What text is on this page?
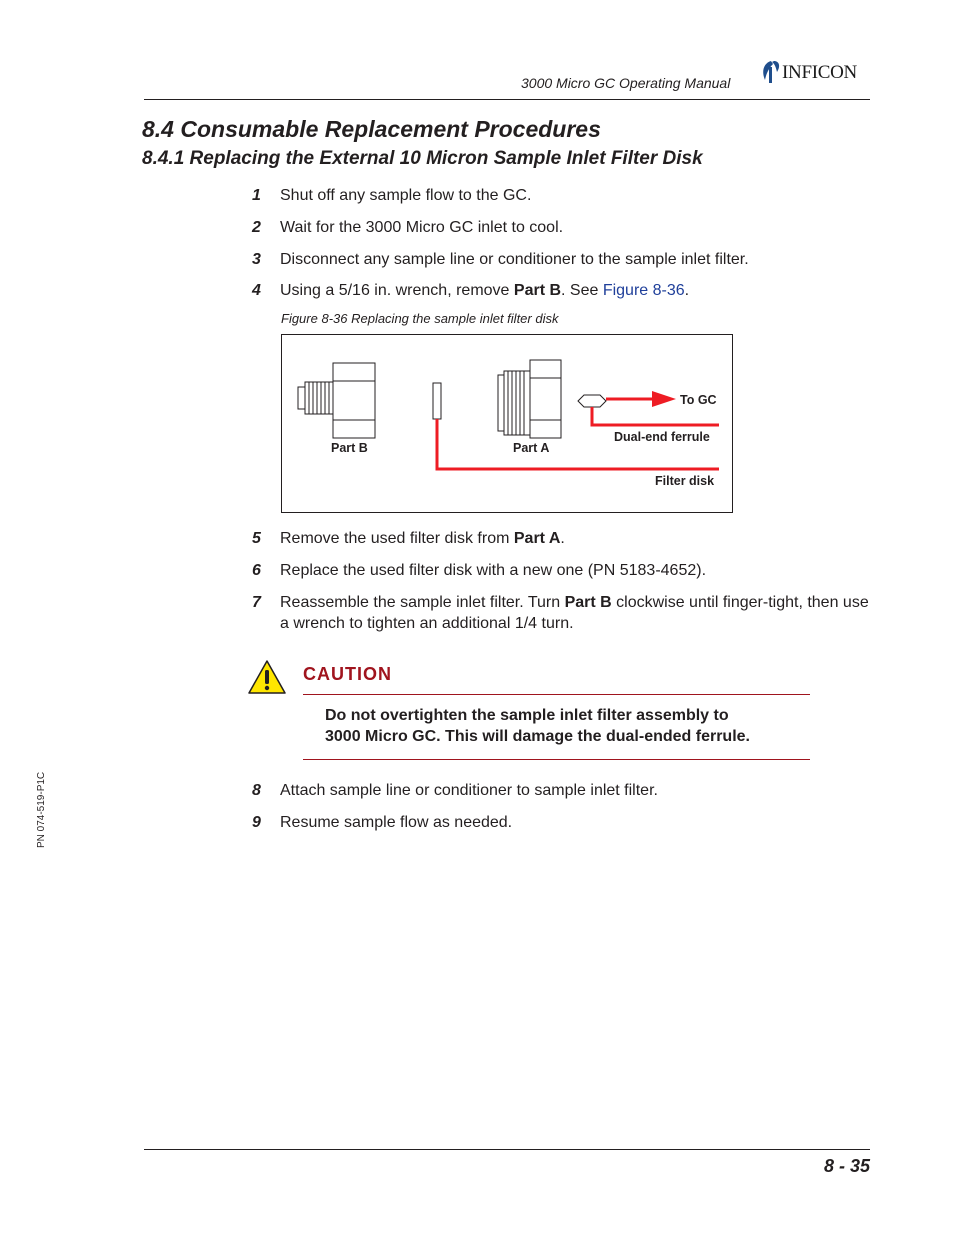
3000 Micro GC Operating Manual	INFICON
8.4 Consumable Replacement Procedures
8.4.1 Replacing the External 10 Micron Sample Inlet Filter Disk
1	Shut off any sample flow to the GC.
2	Wait for the 3000 Micro GC inlet to cool.
3	Disconnect any sample line or conditioner to the sample inlet filter.
4	Using a 5/16 in. wrench, remove Part B. See Figure 8-36.
Figure 8-36 Replacing the sample inlet filter disk
Part B	Part A
To GC
Dual-end ferrule
Filter disk
5	Remove the used filter disk from Part A.
6	Replace the used filter disk with a new one (PN 5183-4652).
7	Reassemble the sample inlet filter. Turn Part B clockwise until finger-tight, then use a wrench to tighten an additional 1/4 turn.
CAUTION
Do not overtighten the sample inlet filter assembly to
3000 Micro GC. This will damage the dual-ended ferrule.
8	Attach sample line or conditioner to sample inlet filter.
9	Resume sample flow as needed.
PN 074-519-P1C
8 - 35
